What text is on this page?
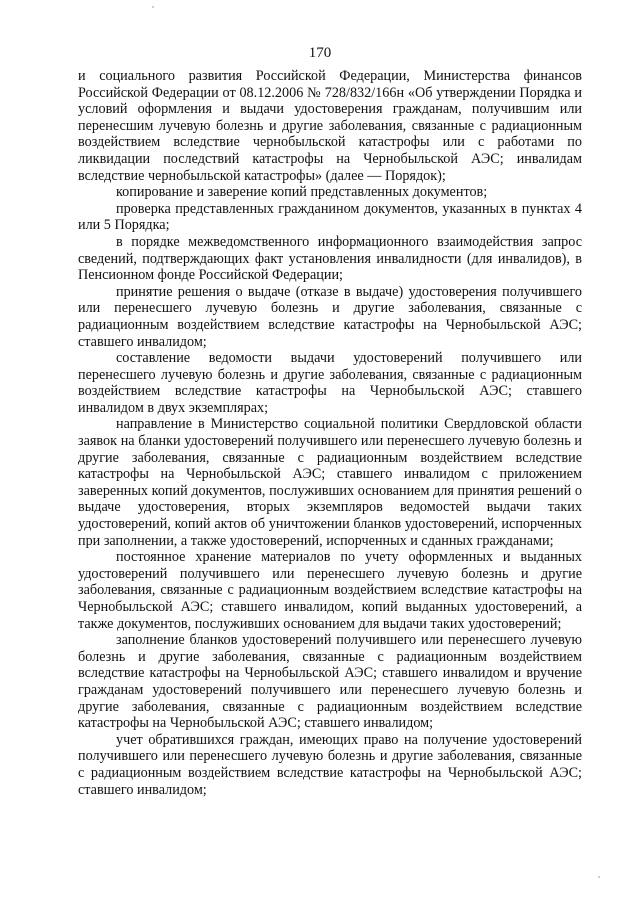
170

и социального развития Российской Федерации, Министерства финансов Российской Федерации от 08.12.2006 № 728/832/166н «Об утверждении Порядка и условий оформления и выдачи удостоверения гражданам, получившим или перенесшим лучевую болезнь и другие заболевания, связанные с радиационным воздействием вследствие чернобыльской катастрофы или с работами по ликвидации последствий катастрофы на Чернобыльской АЭС; инвалидам вследствие чернобыльской катастрофы» (далее — Порядок);

копирование и заверение копий представленных документов;

проверка представленных гражданином документов, указанных в пунктах 4 или 5 Порядка;

в порядке межведомственного информационного взаимодействия запрос сведений, подтверждающих факт установления инвалидности (для инвалидов), в Пенсионном фонде Российской Федерации;

принятие решения о выдаче (отказе в выдаче) удостоверения получившего или перенесшего лучевую болезнь и другие заболевания, связанные с радиационным воздействием вследствие катастрофы на Чернобыльской АЭС; ставшего инвалидом;

составление ведомости выдачи удостоверений получившего или перенесшего лучевую болезнь и другие заболевания, связанные с радиационным воздействием вследствие катастрофы на Чернобыльской АЭС; ставшего инвалидом в двух экземплярах;

направление в Министерство социальной политики Свердловской области заявок на бланки удостоверений получившего или перенесшего лучевую болезнь и другие заболевания, связанные с радиационным воздействием вследствие катастрофы на Чернобыльской АЭС; ставшего инвалидом с приложением заверенных копий документов, послуживших основанием для принятия решений о выдаче удостоверения, вторых экземпляров ведомостей выдачи таких удостоверений, копий актов об уничтожении бланков удостоверений, испорченных при заполнении, а также удостоверений, испорченных и сданных гражданами;

постоянное хранение материалов по учету оформленных и выданных удостоверений получившего или перенесшего лучевую болезнь и другие заболевания, связанные с радиационным воздействием вследствие катастрофы на Чернобыльской АЭС; ставшего инвалидом, копий выданных удостоверений, а также документов, послуживших основанием для выдачи таких удостоверений;

заполнение бланков удостоверений получившего или перенесшего лучевую болезнь и другие заболевания, связанные с радиационным воздействием вследствие катастрофы на Чернобыльской АЭС; ставшего инвалидом и вручение гражданам удостоверений получившего или перенесшего лучевую болезнь и другие заболевания, связанные с радиационным воздействием вследствие катастрофы на Чернобыльской АЭС; ставшего инвалидом;

учет обратившихся граждан, имеющих право на получение удостоверений получившего или перенесшего лучевую болезнь и другие заболевания, связанные с радиационным воздействием вследствие катастрофы на Чернобыльской АЭС; ставшего инвалидом;
